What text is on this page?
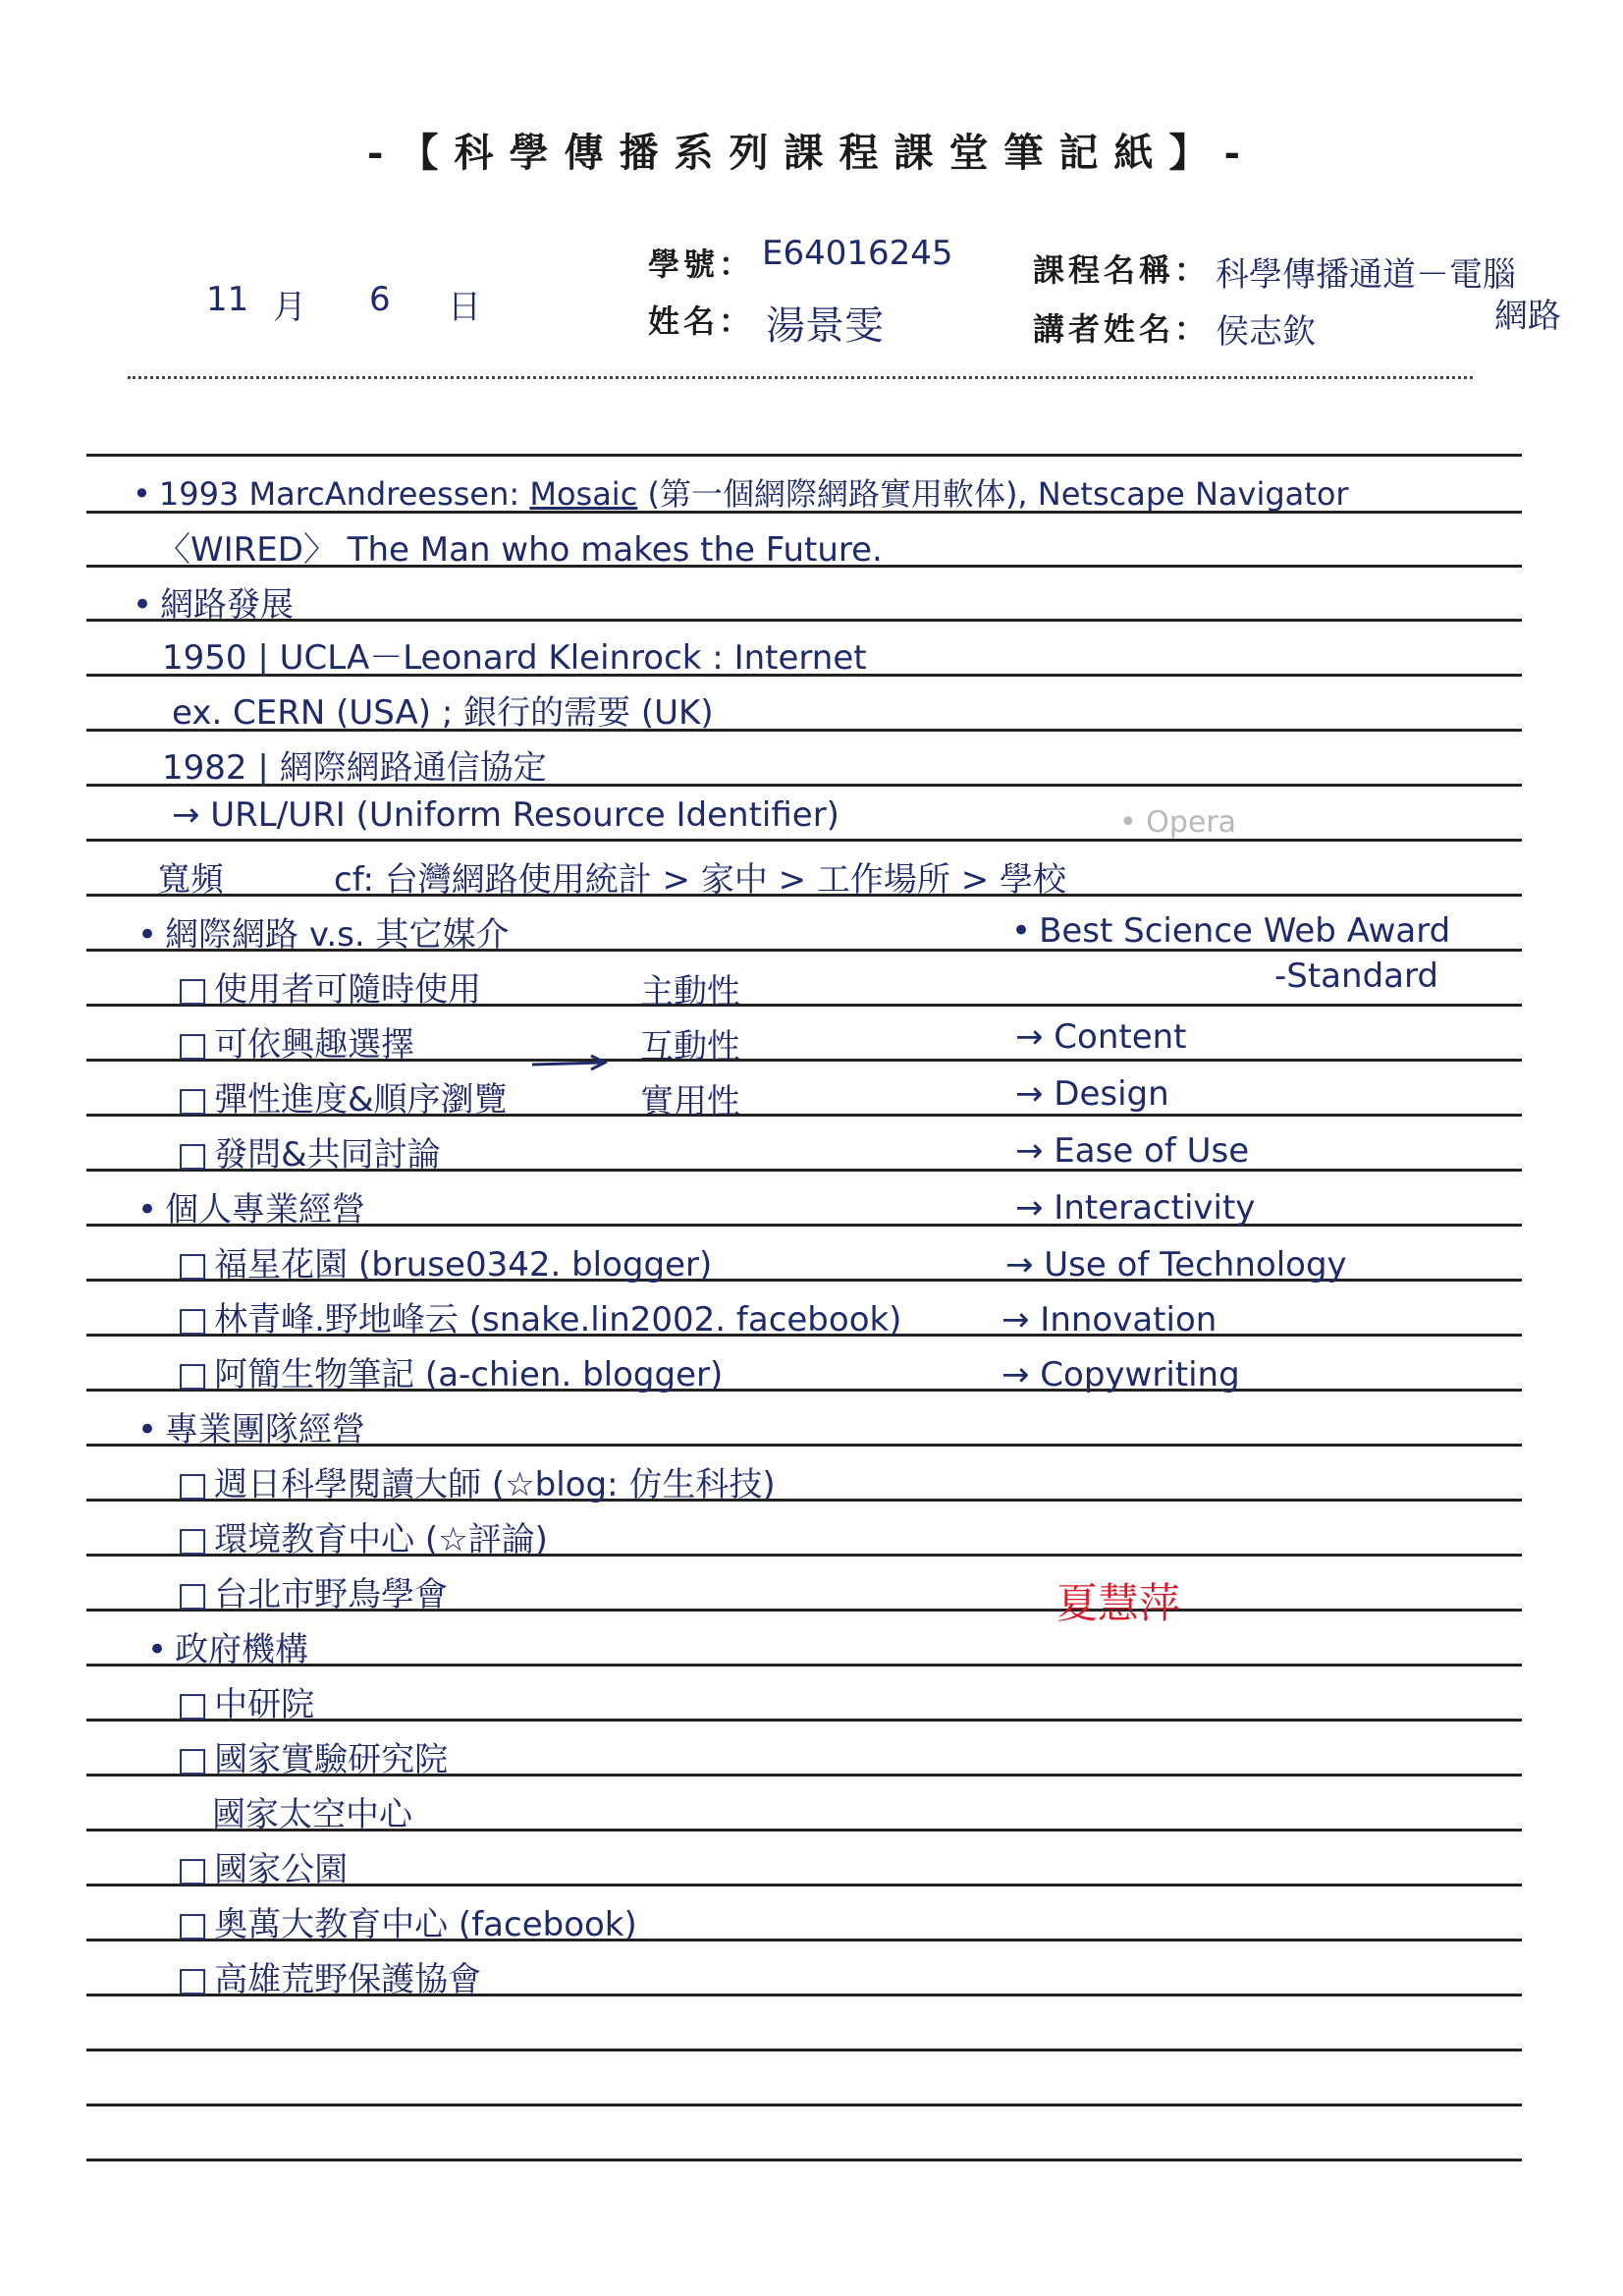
-【科學傳播系列課程課堂筆記紙】-
11 月 6 日
學號： E64016245
姓名： 湯景雯
課程名稱： 科學傳播通道－電腦
網路
講者姓名： 侯志欽
• 1993 MarcAndreessen: Mosaic (第一個網際網路實用軟体), Netscape Navigator
〈WIRED〉 The Man who makes the Future.
• 網路發展
1950 | UCLA－Leonard Kleinrock : Internet
ex. CERN (USA) ; 銀行的需要 (UK)
1982 | 網際網路通信協定
→ URL/URI (Uniform Resource Identifier)
寬頻	cf: 台灣網路使用統計 > 家中 > 工作場所 > 學校
• 網際網路 v.s. 其它媒介
□ 使用者可隨時使用
□ 可依興趣選擇
□ 彈性進度&順序瀏覽
□ 發問&共同討論
• 個人專業經營
□ 福星花園 (bruse0342. blogger)
□ 林青峰.野地峰云 (snake.lin2002. facebook)
□ 阿簡生物筆記 (a-chien. blogger)
• 專業團隊經營
□ 週日科學閱讀大師 (☆blog: 仿生科技)
□ 環境教育中心 (☆評論)
□ 台北市野鳥學會
• 政府機構
□ 中研院
□ 國家實驗研究院
國家太空中心
□ 國家公園
□ 奧萬大教育中心 (facebook)
□ 高雄荒野保護協會
主動性
互動性
實用性
• Opera
• Best Science Web Award
-Standard
→ Content
→ Design
→ Ease of Use
→ Interactivity
→ Use of Technology
→ Innovation
→ Copywriting
夏慧萍
